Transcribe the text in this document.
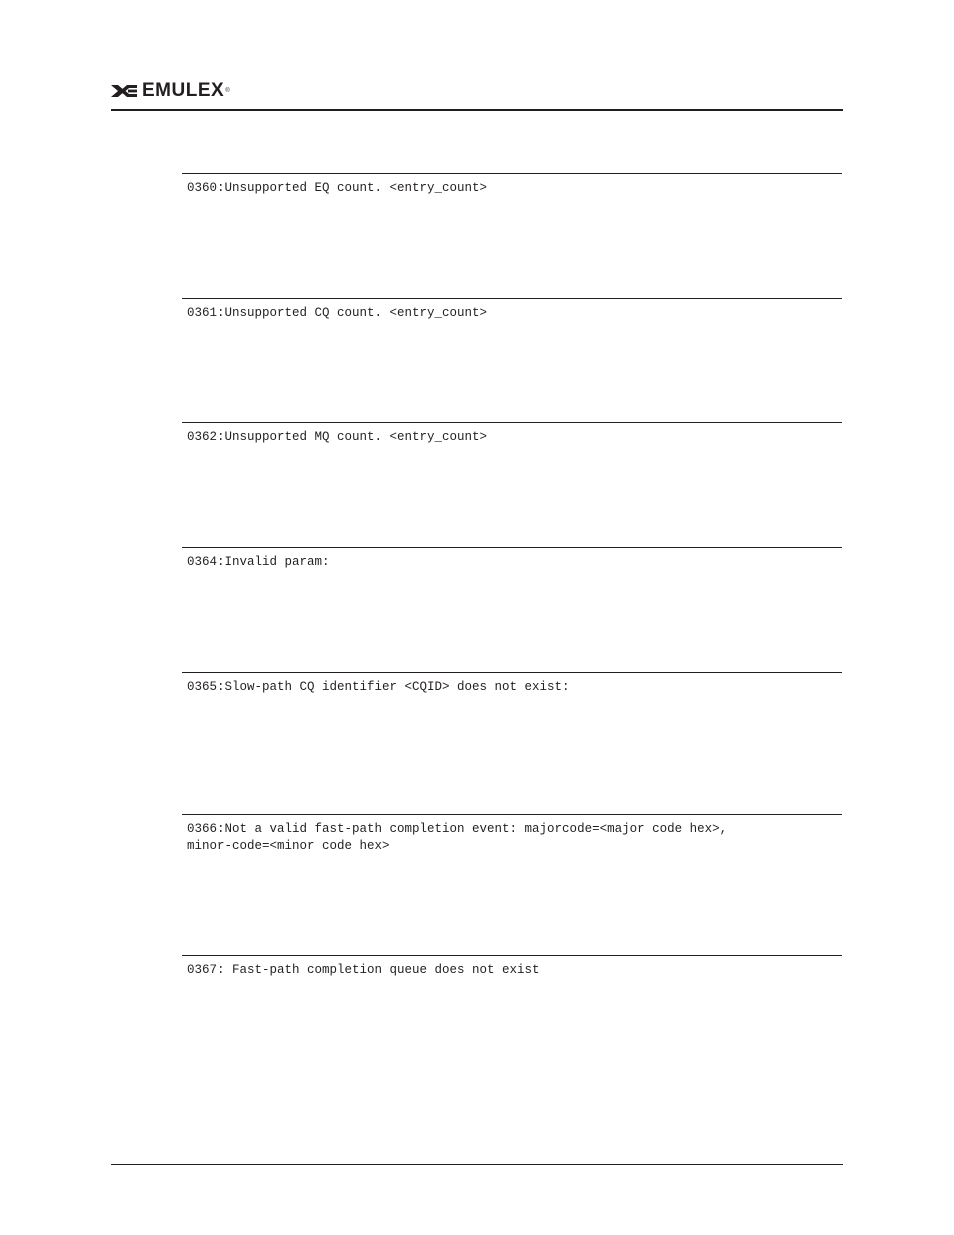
EMULEX ®

0360:Unsupported EQ count. <entry_count>

0361:Unsupported CQ count. <entry_count>

0362:Unsupported MQ count. <entry_count>

0364:Invalid param:

0365:Slow-path CQ identifier <CQID> does not exist:

0366:Not a valid fast-path completion event: majorcode=<major code hex>,
minor-code=<minor code hex>

0367: Fast-path completion queue does not exist
